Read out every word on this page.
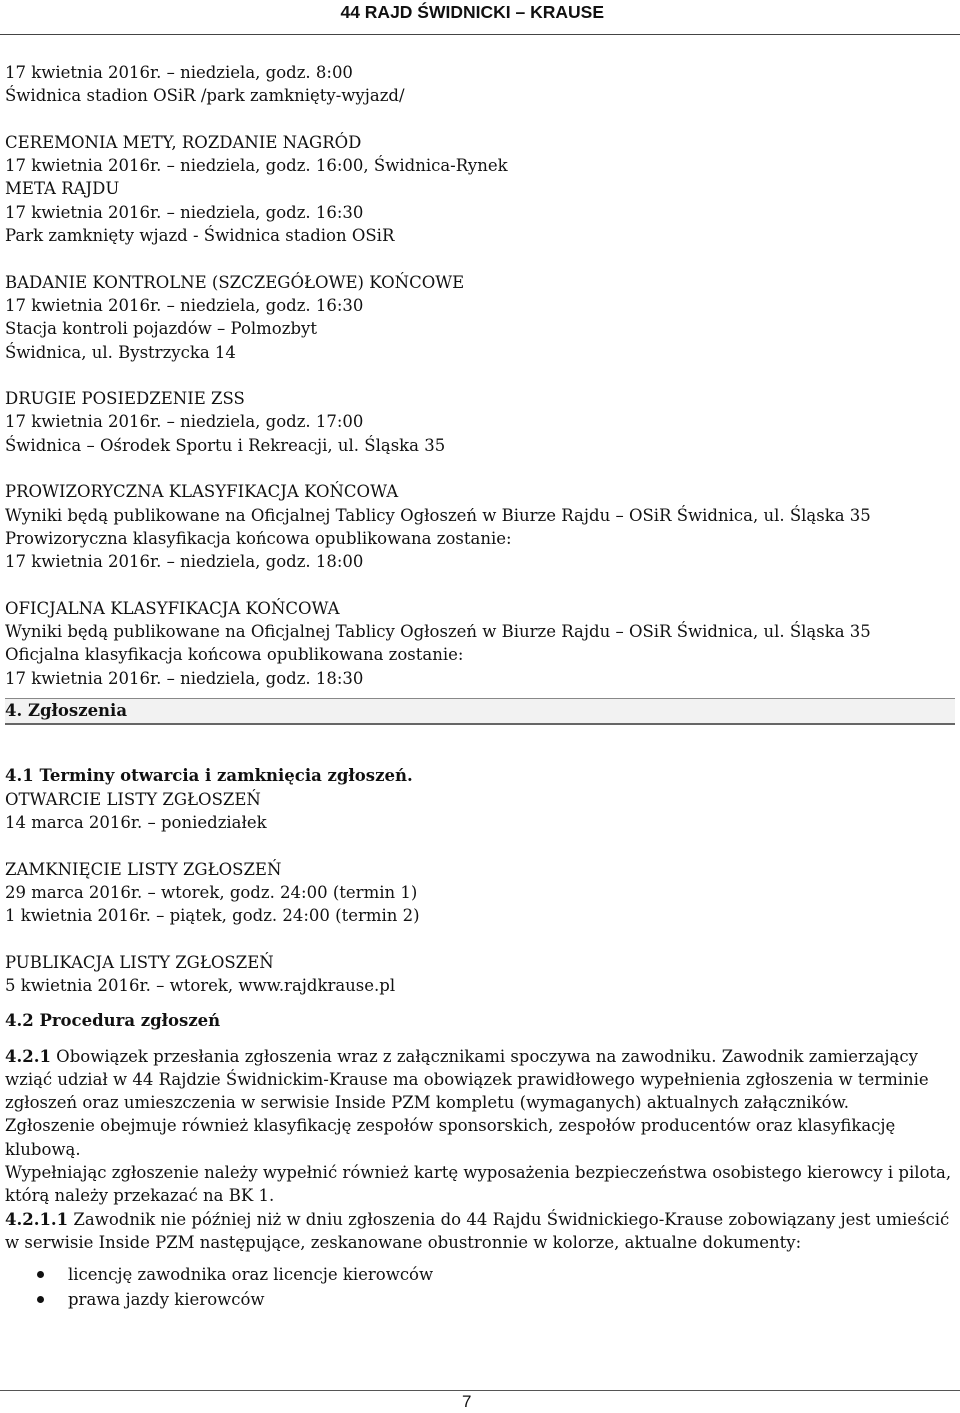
44 RAJD ŚWIDNICKI – KRAUSE
17 kwietnia 2016r. – niedziela, godz. 8:00
Świdnica stadion OSiR /park zamknięty-wyjazd/
CEREMONIA METY, ROZDANIE NAGRÓD
17 kwietnia 2016r. – niedziela, godz. 16:00, Świdnica-Rynek
META RAJDU
17 kwietnia 2016r. – niedziela, godz. 16:30
Park zamknięty wjazd - Świdnica stadion OSiR
BADANIE KONTROLNE (SZCZEGÓŁOWE) KOŃCOWE
17 kwietnia 2016r. – niedziela, godz. 16:30
Stacja kontroli pojazdów – Polmozbyt
Świdnica, ul. Bystrzycka 14
DRUGIE POSIEDZENIE ZSS
17 kwietnia 2016r. – niedziela, godz. 17:00
Świdnica – Ośrodek Sportu i Rekreacji, ul. Śląska 35
PROWIZORYCZNA KLASYFIKACJA KOŃCOWA
Wyniki będą publikowane na Oficjalnej Tablicy Ogłoszeń w Biurze Rajdu – OSiR Świdnica, ul. Śląska 35
Prowizoryczna klasyfikacja końcowa opublikowana zostanie:
17 kwietnia 2016r. – niedziela, godz. 18:00
OFICJALNA KLASYFIKACJA KOŃCOWA
Wyniki będą publikowane na Oficjalnej Tablicy Ogłoszeń w Biurze Rajdu – OSiR Świdnica, ul. Śląska 35
Oficjalna klasyfikacja końcowa opublikowana zostanie:
17 kwietnia 2016r. – niedziela, godz. 18:30
4. Zgłoszenia
4.1 Terminy otwarcia i zamknięcia zgłoszeń.
OTWARCIE LISTY ZGŁOSZEŃ
14 marca 2016r. – poniedziałek
ZAMKNIĘCIE LISTY ZGŁOSZEŃ
29 marca 2016r. – wtorek, godz. 24:00 (termin 1)
1 kwietnia 2016r. – piątek, godz. 24:00 (termin 2)
PUBLIKACJA LISTY ZGŁOSZEŃ
5 kwietnia 2016r. – wtorek, www.rajdkrause.pl
4.2 Procedura zgłoszeń

4.2.1 Obowiązek przesłania zgłoszenia wraz z załącznikami spoczywa na zawodniku. Zawodnik zamierzający wziąć udział w 44 Rajdzie Świdnickim-Krause ma obowiązek prawidłowego wypełnienia zgłoszenia w terminie zgłoszeń oraz umieszczenia w serwisie Inside PZM kompletu (wymaganych) aktualnych załączników.

Zgłoszenie obejmuje również klasyfikację zespołów sponsorskich, zespołów producentów oraz klasyfikację klubową.

Wypełniając zgłoszenie należy wypełnić również kartę wyposażenia bezpieczeństwa osobistego kierowcy i pilota, którą należy przekazać na BK 1.

4.2.1.1 Zawodnik nie później niż w dniu zgłoszenia do 44 Rajdu Świdnickiego-Krause zobowiązany jest umieścić w serwisie Inside PZM następujące, zeskanowane obustronnie w kolorze, aktualne dokumenty:

licencję zawodnika oraz licencje kierowców
prawa jazdy kierowców
7
